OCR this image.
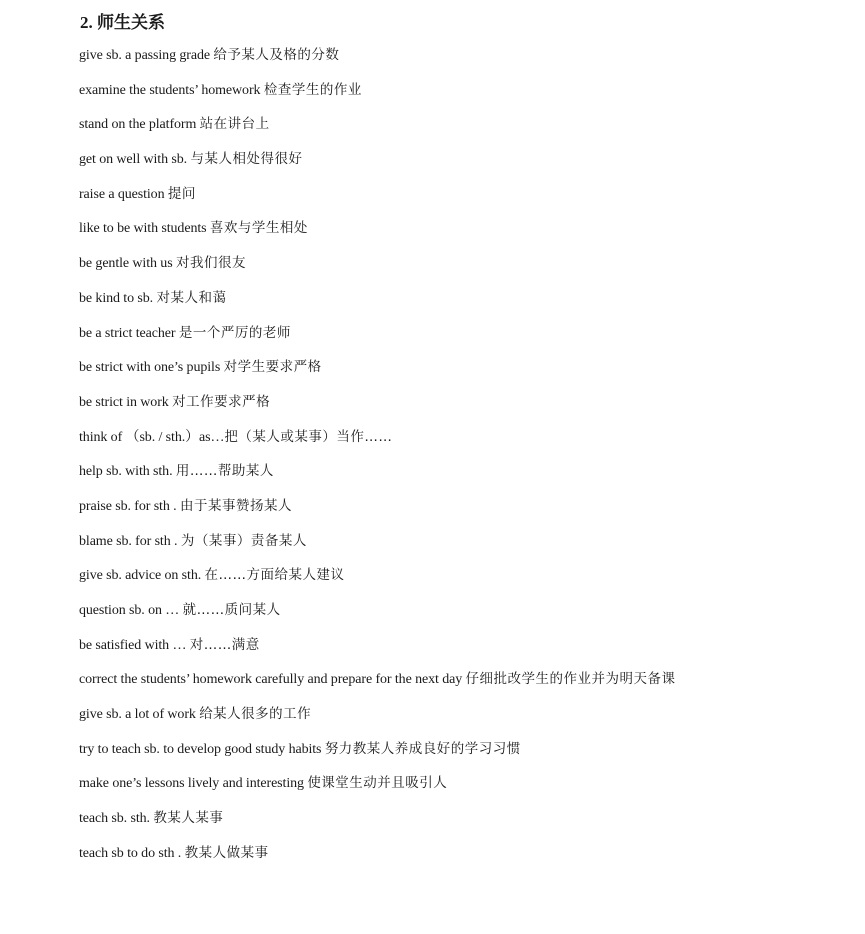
2. 师生关系
give sb. a passing grade 给予某人及格的分数
examine the students’ homework 检查学生的作业
stand on the platform 站在讲台上
get on well with sb. 与某人相处得很好
raise a question 提问
like to be with students 喜欢与学生相处
be gentle with us 对我们很友
be kind to sb. 对某人和蔼
be a strict teacher 是一个严厉的老师
be strict with one’s pupils 对学生要求严格
be strict in work 对工作要求严格
think of （sb. / sth.）as…把（某人或某事）当作……
help sb. with sth. 用……帮助某人
praise sb. for sth . 由于某事赞扬某人
blame sb. for sth . 为（某事）责备某人
give sb. advice on sth. 在……方面给某人建议
question sb. on … 就……质问某人
be satisfied with … 对……满意
correct the students’ homework carefully and prepare for the next day 仔细批改学生的作业并为明天备课
give sb. a lot of work 给某人很多的工作
try to teach sb. to develop good study habits 努力教某人养成良好的学习习惯
make one’s lessons lively and interesting 使课堂生动并且吸引人
teach sb. sth. 教某人某事
teach sb to do sth . 教某人做某事
